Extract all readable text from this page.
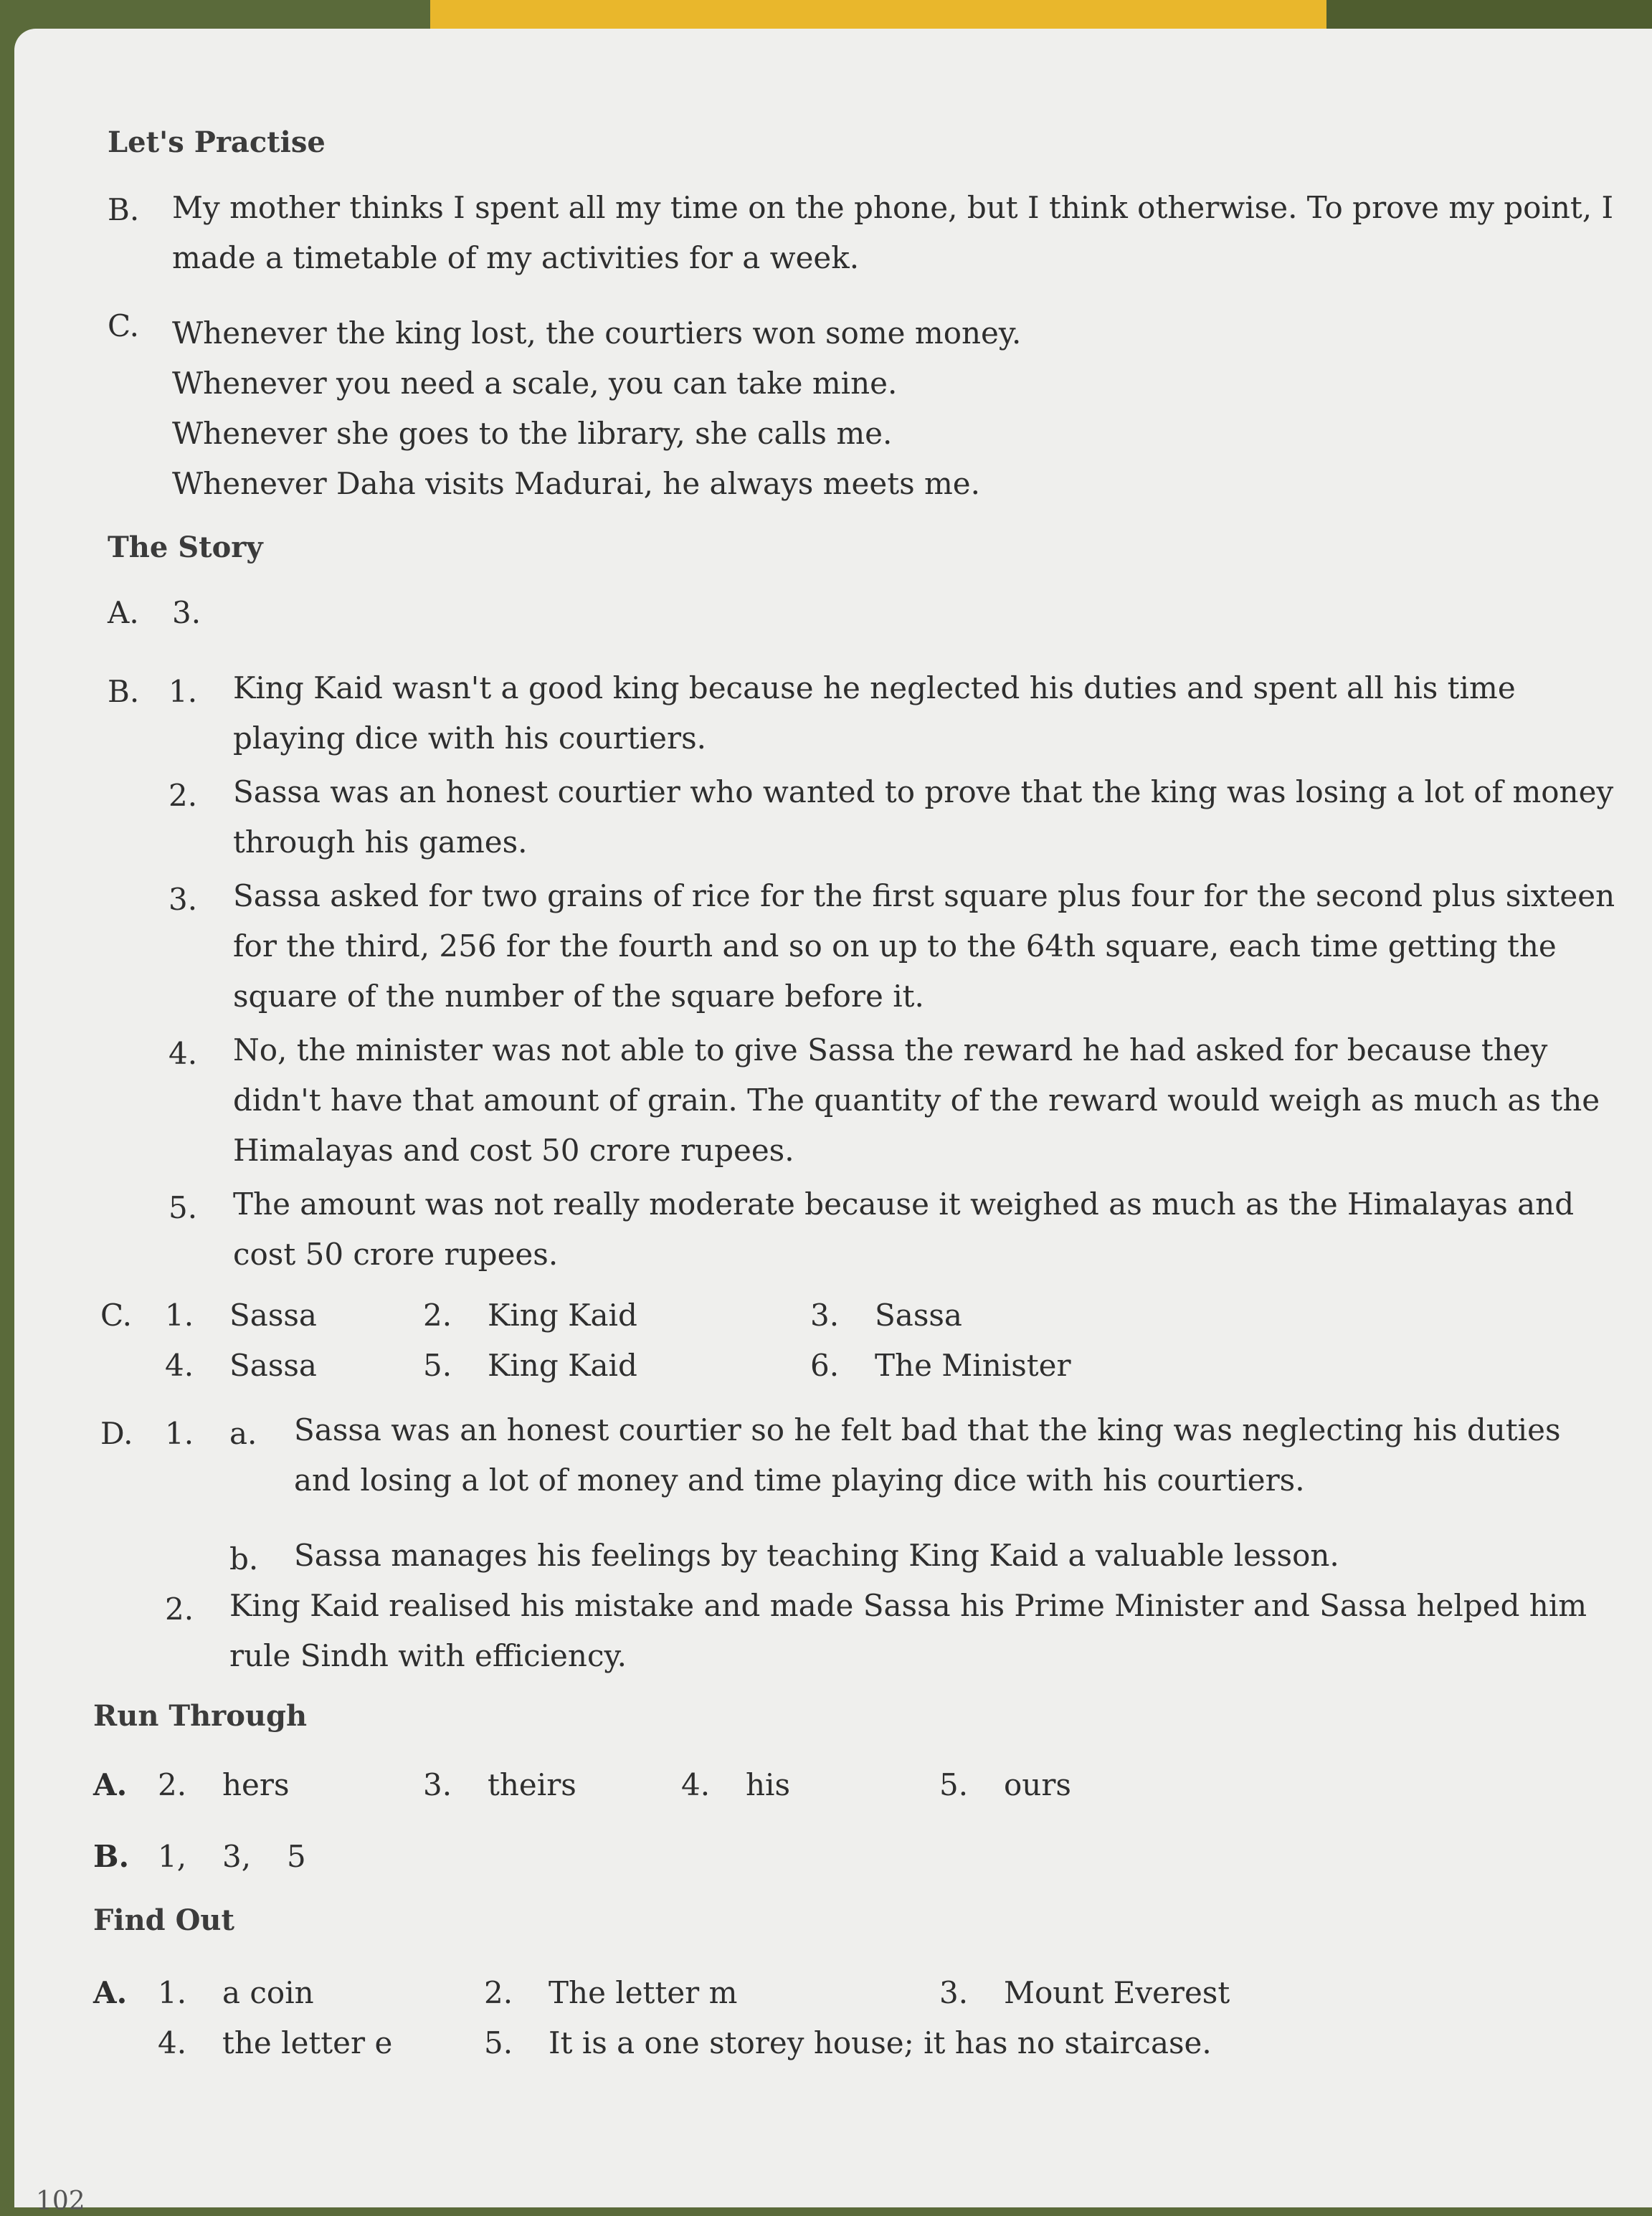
Let's Practise
B. My mother thinks I spent all my time on the phone, but I think otherwise. To prove my point, I made a timetable of my activities for a week.
C. Whenever the king lost, the courtiers won some money.
Whenever you need a scale, you can take mine.
Whenever she goes to the library, she calls me.
Whenever Daha visits Madurai, he always meets me.
The Story
A. 3.
B. 1. King Kaid wasn't a good king because he neglected his duties and spent all his time playing dice with his courtiers.
2. Sassa was an honest courtier who wanted to prove that the king was losing a lot of money through his games.
3. Sassa asked for two grains of rice for the first square plus four for the second plus sixteen for the third, 256 for the fourth and so on up to the 64th square, each time getting the square of the number of the square before it.
4. No, the minister was not able to give Sassa the reward he had asked for because they didn't have that amount of grain. The quantity of the reward would weigh as much as the Himalayas and cost 50 crore rupees.
5. The amount was not really moderate because it weighed as much as the Himalayas and cost 50 crore rupees.
C. 1. Sassa	2. King Kaid	3. Sassa
4. Sassa	5. King Kaid	6. The Minister
D. 1. a. Sassa was an honest courtier so he felt bad that the king was neglecting his duties and losing a lot of money and time playing dice with his courtiers.
b. Sassa manages his feelings by teaching King Kaid a valuable lesson.
2. King Kaid realised his mistake and made Sassa his Prime Minister and Sassa helped him rule Sindh with efficiency.
Run Through
A. 2. hers	3. theirs	4. his	5. ours
B. 1, 3, 5
Find Out
A. 1. a coin	2. The letter m	3. Mount Everest
4. the letter e	5. It is a one storey house; it has no staircase.
102
